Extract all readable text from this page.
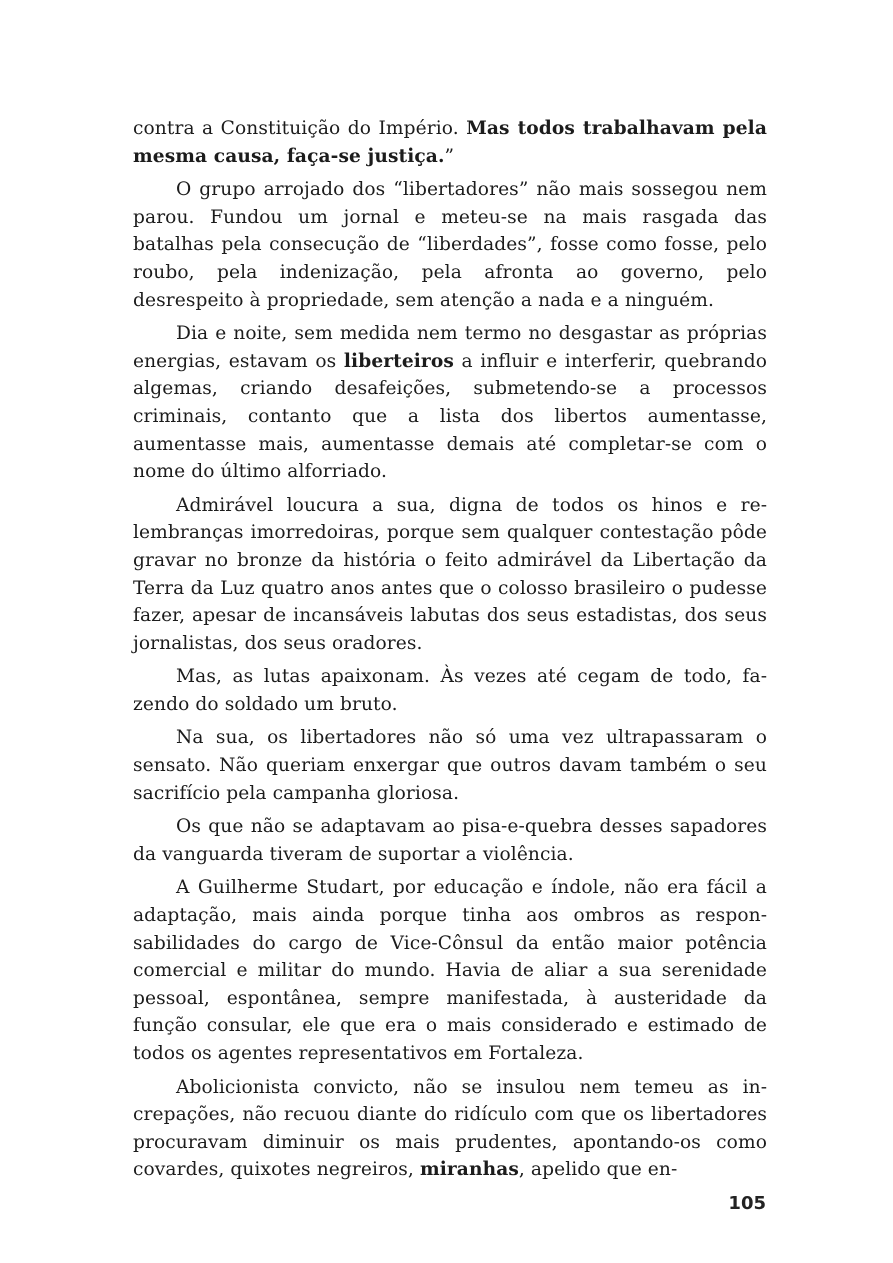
contra a Constituição do Império. Mas todos trabalhavam pela mesma causa, faça-se justiça.”

O grupo arrojado dos “libertadores” não mais sossegou nem parou. Fundou um jornal e meteu-se na mais rasgada das batalhas pela consecução de “liberdades”, fosse como fosse, pelo roubo, pela indenização, pela afronta ao governo, pelo desrespeito à propriedade, sem atenção a nada e a ninguém.

Dia e noite, sem medida nem termo no desgastar as próprias energias, estavam os liberteiros a influir e interferir, quebrando algemas, criando desafeições, submetendo-se a processos criminais, contanto que a lista dos libertos aumentasse, aumentasse mais, aumentasse demais até completar-se com o nome do último alforriado.

Admirável loucura a sua, digna de todos os hinos e relembranças imorredoiras, porque sem qualquer contestação pôde gravar no bronze da história o feito admirável da Libertação da Terra da Luz quatro anos antes que o colosso brasileiro o pudesse fazer, apesar de incansáveis labutas dos seus estadistas, dos seus jornalistas, dos seus oradores.

Mas, as lutas apaixonam. Às vezes até cegam de todo, fazendo do soldado um bruto.

Na sua, os libertadores não só uma vez ultrapassaram o sensato. Não queriam enxergar que outros davam também o seu sacrifício pela campanha gloriosa.

Os que não se adaptavam ao pisa-e-quebra desses sapadores da vanguarda tiveram de suportar a violência.

A Guilherme Studart, por educação e índole, não era fácil a adaptação, mais ainda porque tinha aos ombros as responsabilidades do cargo de Vice-Cônsul da então maior potência comercial e militar do mundo. Havia de aliar a sua serenidade pessoal, espontânea, sempre manifestada, à austeridade da função consular, ele que era o mais considerado e estimado de todos os agentes representativos em Fortaleza.

Abolicionista convicto, não se insulou nem temeu as increpações, não recuou diante do ridículo com que os libertadores procuravam diminuir os mais prudentes, apontando-os como covardes, quixotes negreiros, miranhas, apelido que en-

105
